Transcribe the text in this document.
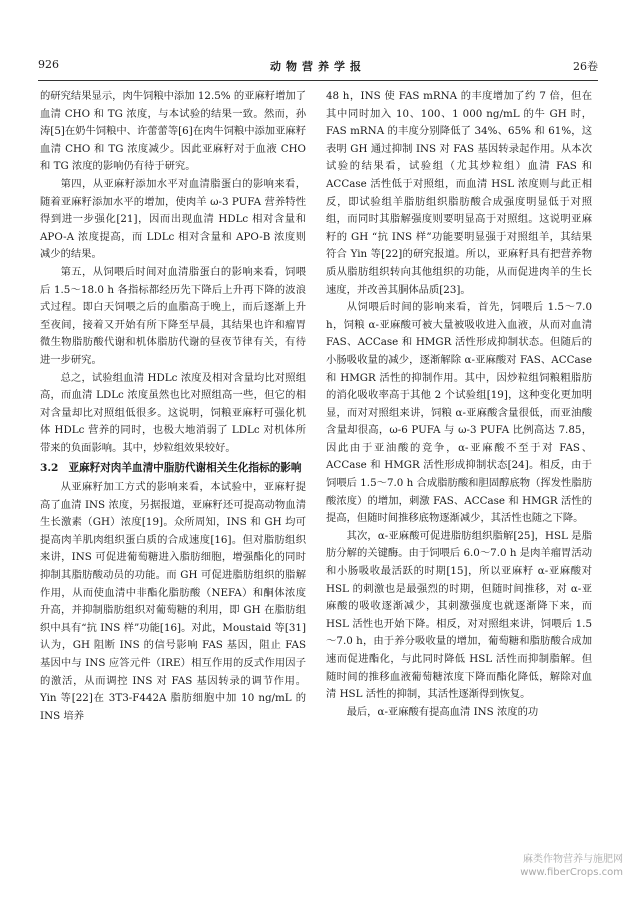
926	动物营养学报	26卷

的研究结果显示，肉牛饲粮中添加 12.5% 的亚麻籽增加了血清 CHO 和 TG 浓度，与本试验的结果一致。然而，孙涛[5]在奶牛饲粮中、许蕾蕾等[6]在肉牛饲粮中添加亚麻籽血清 CHO 和 TG 浓度减少。因此亚麻籽对于血液 CHO 和 TG 浓度的影响仍有待于研究。

第四，从亚麻籽添加水平对血清脂蛋白的影响来看，随着亚麻籽添加水平的增加，使肉羊 ω-3 PUFA 营养特性得到进一步强化[21]，因而出现血清 HDLc 相对含量和 APO-A 浓度提高，而 LDLc 相对含量和 APO-B 浓度则减少的结果。

第五，从饲喂后时间对血清脂蛋白的影响来看，饲喂后 1.5～18.0 h 各指标都经历先下降后上升再下降的波浪式过程。即白天饲喂之后的血脂高于晚上，而后逐渐上升至夜间，接着又开始有所下降至早晨，其结果也许和瘤胃微生物脂肪酸代谢和机体脂肪代谢的昼夜节律有关，有待进一步研究。

总之，试验组血清 HDLc 浓度及相对含量均比对照组高，而血清 LDLc 浓度虽然也比对照组高一些，但它的相对含量却比对照组低很多。这说明，饲粮亚麻籽可强化机体 HDLc 营养的同时，也极大地消弱了 LDLc 对机体所带来的负面影响。其中，炒粒组效果较好。

3.2 亚麻籽对肉羊血清中脂肪代谢相关生化指标的影响

从亚麻籽加工方式的影响来看，本试验中，亚麻籽提高了血清 INS 浓度，另据报道，亚麻籽还可提高动物血清生长激素（GH）浓度[19]。众所周知，INS 和 GH 均可提高肉羊肌肉组织蛋白质的合成速度[16]。但对脂肪组织来讲，INS 可促进葡萄糖进入脂肪细胞，增强酯化的同时抑制其脂肪酸动员的功能。而 GH 可促进脂肪组织的脂解作用，从而使血清中非酯化脂肪酸（NEFA）和酮体浓度升高，并抑制脂肪组织对葡萄糖的利用，即 GH 在脂肪组织中具有“抗 INS 样”功能[16]。对此，Moustaid 等[31]认为，GH 阻断 INS 的信号影响 FAS 基因，阻止 FAS 基因中与 INS 应答元件（IRE）相互作用的反式作用因子的激活，从而调控 INS 对 FAS 基因转录的调节作用。Yin 等[22]在 3T3-F442A 脂肪细胞中加 10 ng/mL 的 INS 培养

48 h，INS 使 FAS mRNA 的丰度增加了约 7 倍，但在其中同时加入 10、100、1 000 ng/mL 的牛 GH 时，FAS mRNA 的丰度分别降低了 34%、65% 和 61%，这表明 GH 通过抑制 INS 对 FAS 基因转录起作用。从本次试验的结果看，试验组（尤其炒粒组）血清 FAS 和 ACCase 活性低于对照组，而血清 HSL 浓度则与此正相反，即试验组羊脂肪组织脂肪酸合成强度明显低于对照组，而同时其脂解强度则要明显高于对照组。这说明亚麻籽的 GH “抗 INS 样”功能要明显强于对照组羊，其结果符合 Yin 等[22]的研究报道。所以，亚麻籽具有把营养物质从脂肪组织转向其他组织的功能，从而促进肉羊的生长速度，并改善其胴体品质[23]。

从饲喂后时间的影响来看，首先，饲喂后 1.5～7.0 h，饲粮 α-亚麻酸可被大量被吸收进入血液，从而对血清 FAS、ACCase 和 HMGR 活性形成抑制状态。但随后的小肠吸收量的减少，逐渐解除 α-亚麻酸对 FAS、ACCase 和 HMGR 活性的抑制作用。其中，因炒粒组饲粮粗脂肪的消化吸收率高于其他 2 个试验组[19]，这种变化更加明显，而对对照组来讲，饲粮 α-亚麻酸含量很低，而亚油酸含量却很高，ω-6 PUFA 与 ω-3 PUFA 比例高达 7.85，因此由于亚油酸的竞争，α-亚麻酸不至于对 FAS、ACCase 和 HMGR 活性形成抑制状态[24]。相反，由于饲喂后 1.5～7.0 h 合成脂肪酸和胆固醇底物（挥发性脂肪酸浓度）的增加，刺激 FAS、ACCase 和 HMGR 活性的提高，但随时间推移底物逐渐减少，其活性也随之下降。

其次，α-亚麻酸可促进脂肪组织脂解[25]，HSL 是脂肪分解的关键酶。由于饲喂后 6.0～7.0 h 是肉羊瘤胃活动和小肠吸收最活跃的时期[15]，所以亚麻籽 α-亚麻酸对 HSL 的刺激也是最强烈的时期，但随时间推移，对 α-亚麻酸的吸收逐渐减少，其刺激强度也就逐渐降下来，而 HSL 活性也开始下降。相反，对对照组来讲，饲喂后 1.5～7.0 h，由于养分吸收量的增加，葡萄糖和脂肪酸合成加速而促进酯化，与此同时降低 HSL 活性而抑制脂解。但随时间的推移血液葡萄糖浓度下降而酯化降低，解除对血清 HSL 活性的抑制，其活性逐渐得到恢复。

最后，α-亚麻酸有提高血清 INS 浓度的功

麻类作物营养与施肥网
www.fiberCrops.com
